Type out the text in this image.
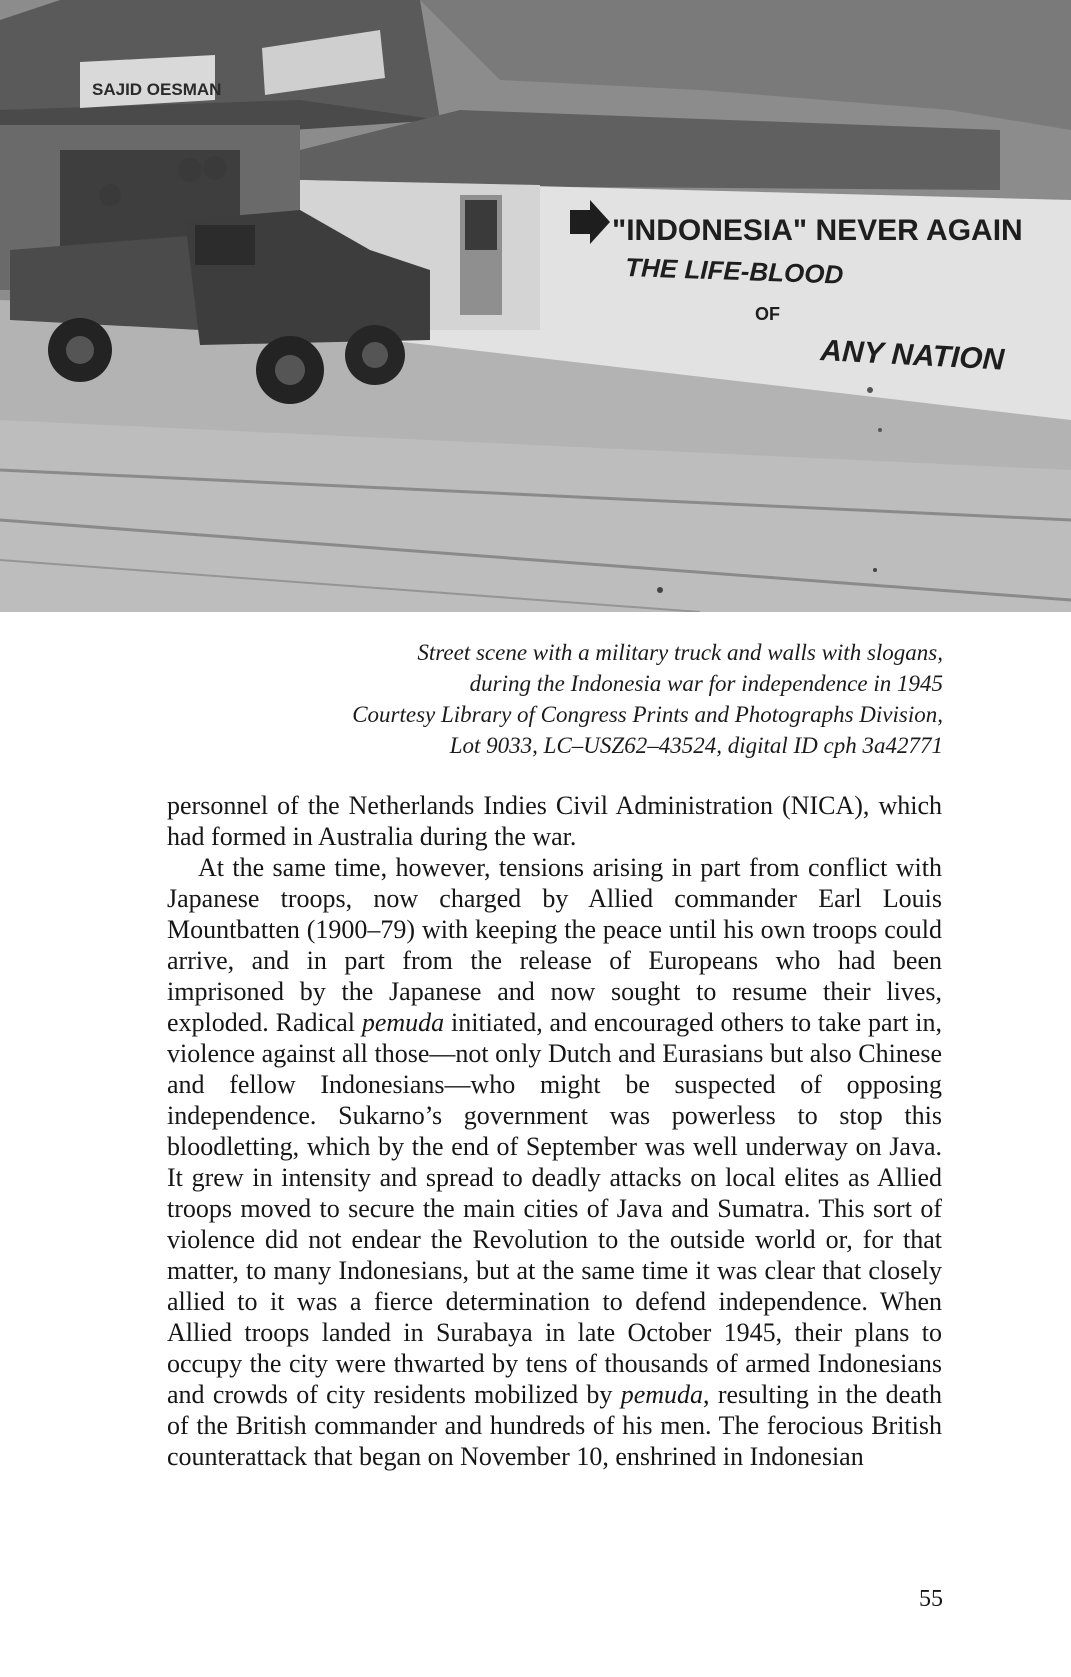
SAJID OESMAN
"INDONESIA" NEVER AGAIN
THE LIFE-BLOOD
OF
ANY NATION
Street scene with a military truck and walls with slogans,
during the Indonesia war for independence in 1945
Courtesy Library of Congress Prints and Photographs Division,
Lot 9033, LC–USZ62–43524, digital ID cph 3a42771

personnel of the Netherlands Indies Civil Administration (NICA), which had formed in Australia during the war.

At the same time, however, tensions arising in part from conflict with Japanese troops, now charged by Allied commander Earl Louis Mountbatten (1900–79) with keeping the peace until his own troops could arrive, and in part from the release of Europeans who had been imprisoned by the Japanese and now sought to resume their lives, exploded. Radical pemuda initiated, and encouraged others to take part in, violence against all those—not only Dutch and Eurasians but also Chinese and fellow Indonesians—who might be suspected of opposing independence. Sukarno’s government was powerless to stop this bloodletting, which by the end of September was well underway on Java. It grew in intensity and spread to deadly attacks on local elites as Allied troops moved to secure the main cities of Java and Sumatra. This sort of violence did not endear the Revolution to the outside world or, for that matter, to many Indonesians, but at the same time it was clear that closely allied to it was a fierce determination to defend independence. When Allied troops landed in Surabaya in late October 1945, their plans to occupy the city were thwarted by tens of thousands of armed Indonesians and crowds of city residents mobilized by pemuda, resulting in the death of the British commander and hundreds of his men. The ferocious British counterattack that began on November 10, enshrined in Indonesian

55
